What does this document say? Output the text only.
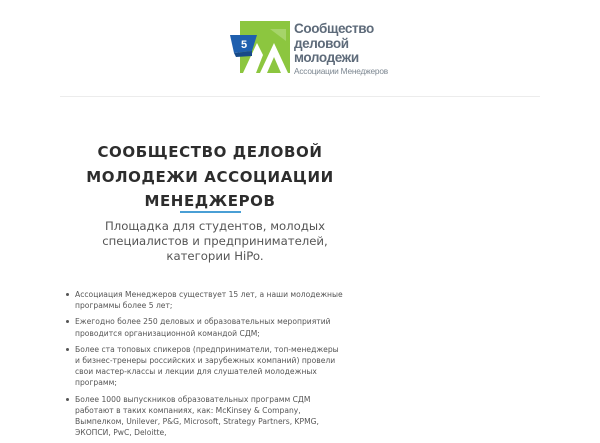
5
Сообщество
деловой
молодежи
Ассоциации Менеджеров
СООБЩЕСТВО ДЕЛОВОЙ МОЛОДЕЖИ АССОЦИАЦИИ МЕНЕДЖЕРОВ

Площадка для студентов, молодых специалистов и предпринимателей, категории HiPo.

Ассоциация Менеджеров существует 15 лет, а наши молодежные программы более 5 лет;
Ежегодно более 250 деловых и образовательных мероприятий проводится организационной командой СДМ;
Более ста топовых спикеров (предприниматели, топ-менеджеры и бизнес-тренеры российских и зарубежных компаний) провели свои мастер-классы и лекции для слушателей молодежных программ;
Более 1000 выпускников образовательных программ СДМ работают в таких компаниях, как: McKinsey & Company, Вымпелком, Unilever, P&G, Microsoft, Strategy Partners, KPMG, ЭКОПСИ, PwC, Deloitte,
